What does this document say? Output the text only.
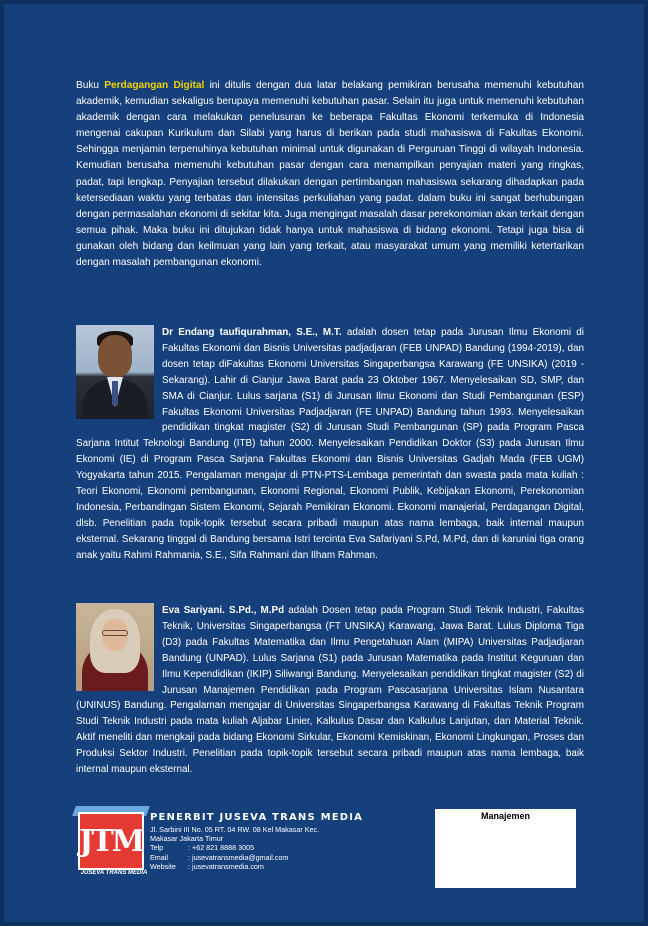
Buku Perdagangan Digital ini ditulis dengan dua latar belakang pemikiran berusaha memenuhi kebutuhan akademik, kemudian sekaligus berupaya memenuhi kebutuhan pasar. Selain itu juga untuk memenuhi kebutuhan akademik dengan cara melakukan penelusuran ke beberapa Fakultas Ekonomi terkemuka di Indonesia mengenai cakupan Kurikulum dan Silabi yang harus di berikan pada studi mahasiswa di Fakultas Ekonomi. Sehingga menjamin terpenuhinya kebutuhan minimal untuk digunakan di Perguruan Tinggi di wilayah Indonesia. Kemudian berusaha memenuhi kebutuhan pasar dengan cara menampilkan penyajian materi yang ringkas, padat, tapi lengkap. Penyajian tersebut dilakukan dengan pertimbangan mahasiswa sekarang dihadapkan pada ketersediaan waktu yang terbatas dan intensitas perkuliahan yang padat. dalam buku ini sangat berhubungan dengan permasalahan ekonomi di sekitar kita. Juga mengingat masalah dasar perekonomian akan terkait dengan semua pihak. Maka buku ini ditujukan tidak hanya untuk mahasiswa di bidang ekonomi. Tetapi juga bisa di gunakan oleh bidang dan keilmuan yang lain yang terkait, atau masyarakat umum yang memiliki ketertarikan dengan masalah pembangunan ekonomi.
Dr Endang taufiqurahman, S.E., M.T. adalah dosen tetap pada Jurusan Ilmu Ekonomi di Fakultas Ekonomi dan Bisnis Universitas padjadjaran (FEB UNPAD) Bandung (1994-2019), dan dosen tetap diFakultas Ekonomi Universitas Singaperbangsa Karawang (FE UNSIKA) (2019 -Sekarang). Lahir di Cianjur Jawa Barat pada 23 Oktober 1967. Menyelesaikan SD, SMP, dan SMA di Cianjur. Lulus sarjana (S1) di Jurusan Ilmu Ekonomi dan Studi Pembangunan (ESP) Fakultas Ekonomi Universitas Padjadjaran (FE UNPAD) Bandung tahun 1993. Menyelesaikan pendidikan tingkat magister (S2) di Jurusan Studi Pembangunan (SP) pada Program Pasca Sarjana Intitut Teknologi Bandung (ITB) tahun 2000. Menyelesaikan Pendidikan Doktor (S3) pada Jurusan Ilmu Ekonomi (IE) di Program Pasca Sarjana Fakultas Ekonomi dan Bisnis Universitas Gadjah Mada (FEB UGM) Yogyakarta tahun 2015. Pengalaman mengajar di PTN-PTS-Lembaga pemerintah dan swasta pada mata kuliah : Teori Ekonomi, Ekonomi pembangunan, Ekonomi Regional, Ekonomi Publik, Kebijakan Ekonomi, Perekonomian Indonesia, Perbandingan Sistem Ekonomi, Sejarah Pemikiran Ekonomi. Ekonomi manajerial, Perdagangan Digital, dlsb. Penelitian pada topik-topik tersebut secara pribadi maupun atas nama lembaga, baik internal maupun eksternal. Sekarang tinggal di Bandung bersama Istri tercinta Eva Safariyani S.Pd, M.Pd, dan di karuniai tiga orang anak yaitu Rahmi Rahmania, S.E., Sifa Rahmani dan Ilham Rahman.
Eva Sariyani. S.Pd., M.Pd adalah Dosen tetap pada Program Studi Teknik Industri, Fakultas Teknik, Universitas Singaperbangsa (FT UNSIKA) Karawang, Jawa Barat. Lulus Diploma Tiga (D3) pada Fakultas Matematika dan Ilmu Pengetahuan Alam (MIPA) Universitas Padjadjaran Bandung (UNPAD). Lulus Sarjana (S1) pada Jurusan Matematika pada Institut Keguruan dan Ilmu Kependidikan (IKIP) Siliwangi Bandung. Menyelesaikan pendidikan tingkat magister (S2) di Jurusan Manajemen Pendidikan pada Program Pascasarjana Universitas Islam Nusantara (UNINUS) Bandung. Pengalaman mengajar di Universitas Singaperbangsa Karawang di Fakultas Teknik Program Studi Teknik Industri pada mata kuliah Aljabar Linier, Kalkulus Dasar dan Kalkulus Lanjutan, dan Material Teknik. Aktif meneliti dan mengkaji pada bidang Ekonomi Sirkular, Ekonomi Kemiskinan, Ekonomi Lingkungan, Proses dan Produksi Sektor Industri. Penelitian pada topik-topik tersebut secara pribadi maupun atas nama lembaga, baik internal maupun eksternal.
JTM
JUSEVA TRANS MEDIA
PENERBIT JUSEVA TRANS MEDIA
Jl. Sarbini III No. 05 RT. 04 RW. 08 Kel Makasar Kec.
Makasar Jakarta Timur
Telp	: +62 821 8888 3005
Email	: jusevatransmedia@gmail.com
Website	: jusevatransmedia.com
Manajemen
